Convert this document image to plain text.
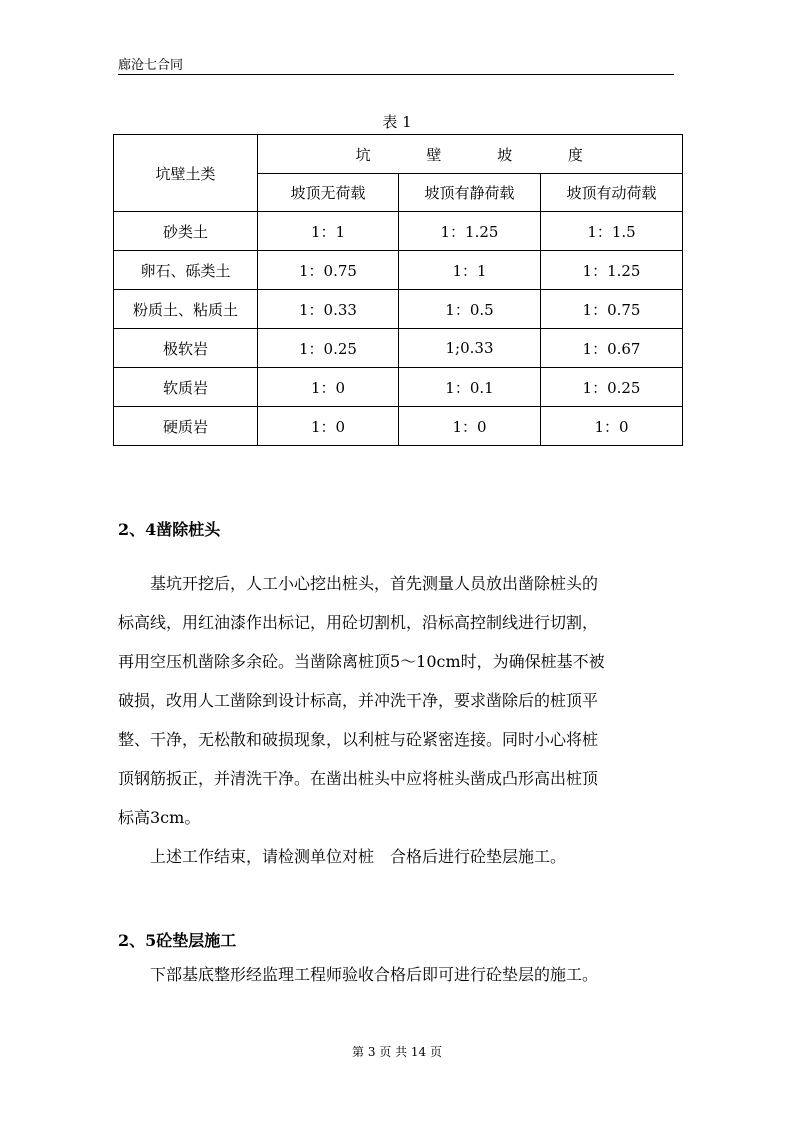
廊沧七合同
表 1
坑壁土类	坑 壁 坡 度		
	坡顶无荷载	坡顶有静荷载	坡顶有动荷载
砂类土	1：1	1：1.25	1：1.5
卵石、砾类土	1：0.75	1：1	1：1.25
粉质土、粘质土	1：0.33	1：0.5	1：0.75
极软岩	1：0.25	1;0.33	1：0.67
软质岩	1：0	1：0.1	1：0.25
硬质岩	1：0	1：0	1：0
2、4凿除桩头
　　基坑开挖后，人工小心挖出桩头，首先测量人员放出凿除桩头的
标高线，用红油漆作出标记，用砼切割机，沿标高控制线进行切割，
再用空压机凿除多余砼。当凿除离桩顶5～10cm时，为确保桩基不被
破损，改用人工凿除到设计标高，并冲洗干净，要求凿除后的桩顶平
整、干净，无松散和破损现象，以利桩与砼紧密连接。同时小心将桩
顶钢筋扳正，并清洗干净。在凿出桩头中应将桩头凿成凸形高出桩顶
标高3cm。
　　上述工作结束，请检测单位对桩　合格后进行砼垫层施工。
2、5砼垫层施工
　　下部基底整形经监理工程师验收合格后即可进行砼垫层的施工。
第 3 页 共 14 页
